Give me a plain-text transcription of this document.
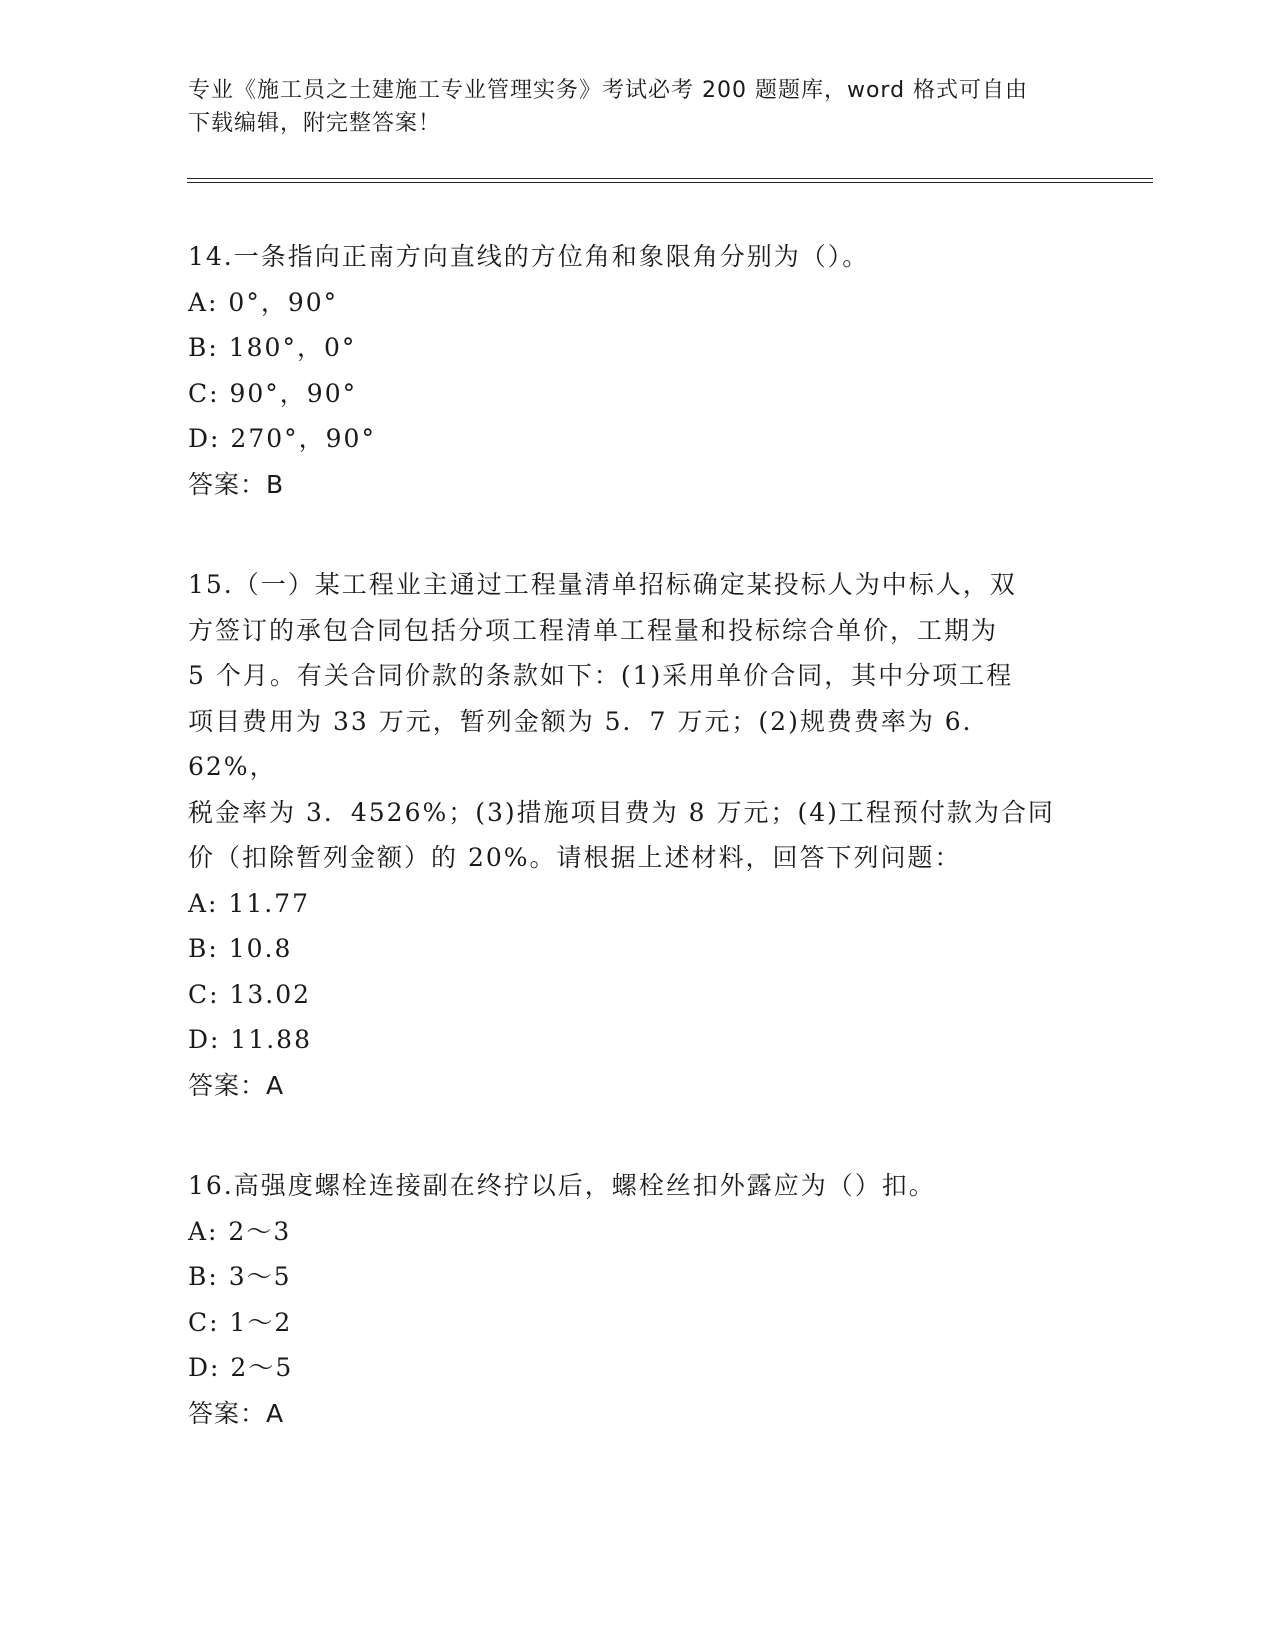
专业《施工员之土建施工专业管理实务》考试必考 200 题题库，word 格式可自由
下载编辑，附完整答案！
14.一条指向正南方向直线的方位角和象限角分别为（）。
A: 0°，90°
B: 180°，0°
C: 90°，90°
D: 270°，90°
答案：B
15.（一）某工程业主通过工程量清单招标确定某投标人为中标人，双
方签订的承包合同包括分项工程清单工程量和投标综合单价，工期为
5 个月。有关合同价款的条款如下：(1)采用单价合同，其中分项工程
项目费用为 33 万元，暂列金额为 5．7 万元；(2)规费费率为 6．62%，
税金率为 3．4526%；(3)措施项目费为 8 万元；(4)工程预付款为合同
价（扣除暂列金额）的 20%。请根据上述材料，回答下列问题：
A: 11.77
B: 10.8
C: 13.02
D: 11.88
答案：A
16.高强度螺栓连接副在终拧以后，螺栓丝扣外露应为（）扣。
A: 2～3
B: 3～5
C: 1～2
D: 2～5
答案：A
